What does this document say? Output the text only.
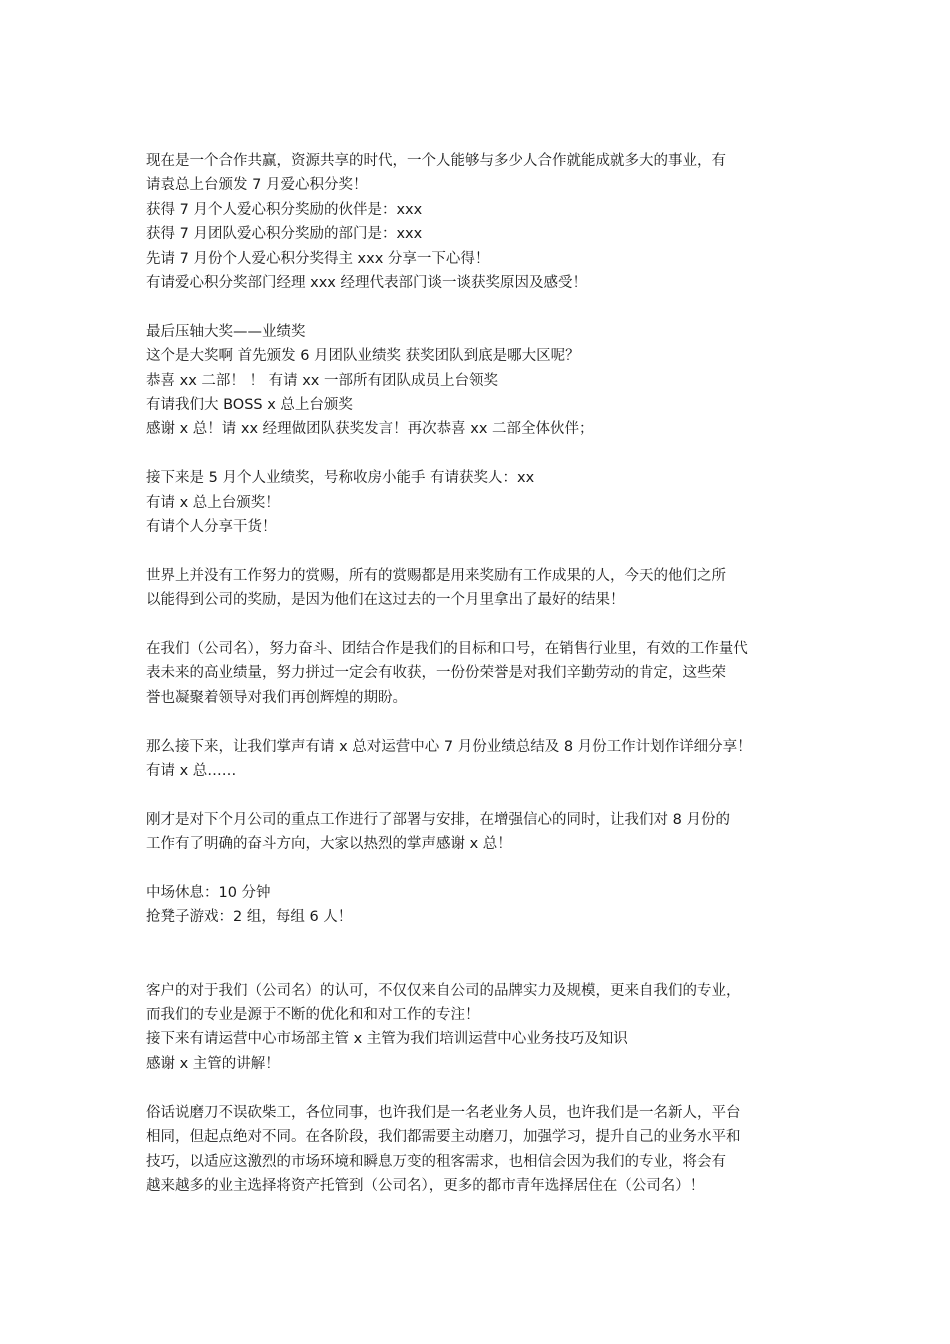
现在是一个合作共赢，资源共享的时代，一个人能够与多少人合作就能成就多大的事业，有
请袁总上台颁发 7 月爱心积分奖！
获得 7 月个人爱心积分奖励的伙伴是：xxx
获得 7 月团队爱心积分奖励的部门是：xxx
先请 7 月份个人爱心积分奖得主 xxx 分享一下心得！
有请爱心积分奖部门经理 xxx 经理代表部门谈一谈获奖原因及感受！
最后压轴大奖——业绩奖
这个是大奖啊 首先颁发 6 月团队业绩奖 获奖团队到底是哪大区呢？
恭喜 xx 二部！ ！ 有请 xx 一部所有团队成员上台领奖
有请我们大 BOSS x 总上台颁奖
感谢 x 总！请 xx 经理做团队获奖发言！再次恭喜 xx 二部全体伙伴；
接下来是 5 月个人业绩奖，号称收房小能手 有请获奖人：xx
有请 x 总上台颁奖！
有请个人分享干货！
世界上并没有工作努力的赏赐，所有的赏赐都是用来奖励有工作成果的人，今天的他们之所
以能得到公司的奖励，是因为他们在这过去的一个月里拿出了最好的结果！
在我们（公司名），努力奋斗、团结合作是我们的目标和口号，在销售行业里，有效的工作量代
表未来的高业绩量，努力拼过一定会有收获，一份份荣誉是对我们辛勤劳动的肯定，这些荣
誉也凝聚着领导对我们再创辉煌的期盼。
那么接下来，让我们掌声有请 x 总对运营中心 7 月份业绩总结及 8 月份工作计划作详细分享！
有请 x 总……
刚才是对下个月公司的重点工作进行了部署与安排，在增强信心的同时，让我们对 8 月份的
工作有了明确的奋斗方向，大家以热烈的掌声感谢 x 总！
中场休息：10 分钟
抢凳子游戏：2 组，每组 6 人！
客户的对于我们（公司名）的认可，不仅仅来自公司的品牌实力及规模，更来自我们的专业，
而我们的专业是源于不断的优化和和对工作的专注！
接下来有请运营中心市场部主管 x 主管为我们培训运营中心业务技巧及知识
感谢 x 主管的讲解！
俗话说磨刀不误砍柴工，各位同事，也许我们是一名老业务人员，也许我们是一名新人，平台
相同，但起点绝对不同。在各阶段，我们都需要主动磨刀，加强学习，提升自己的业务水平和
技巧，以适应这激烈的市场环境和瞬息万变的租客需求，也相信会因为我们的专业，将会有
越来越多的业主选择将资产托管到（公司名），更多的都市青年选择居住在（公司名）！
